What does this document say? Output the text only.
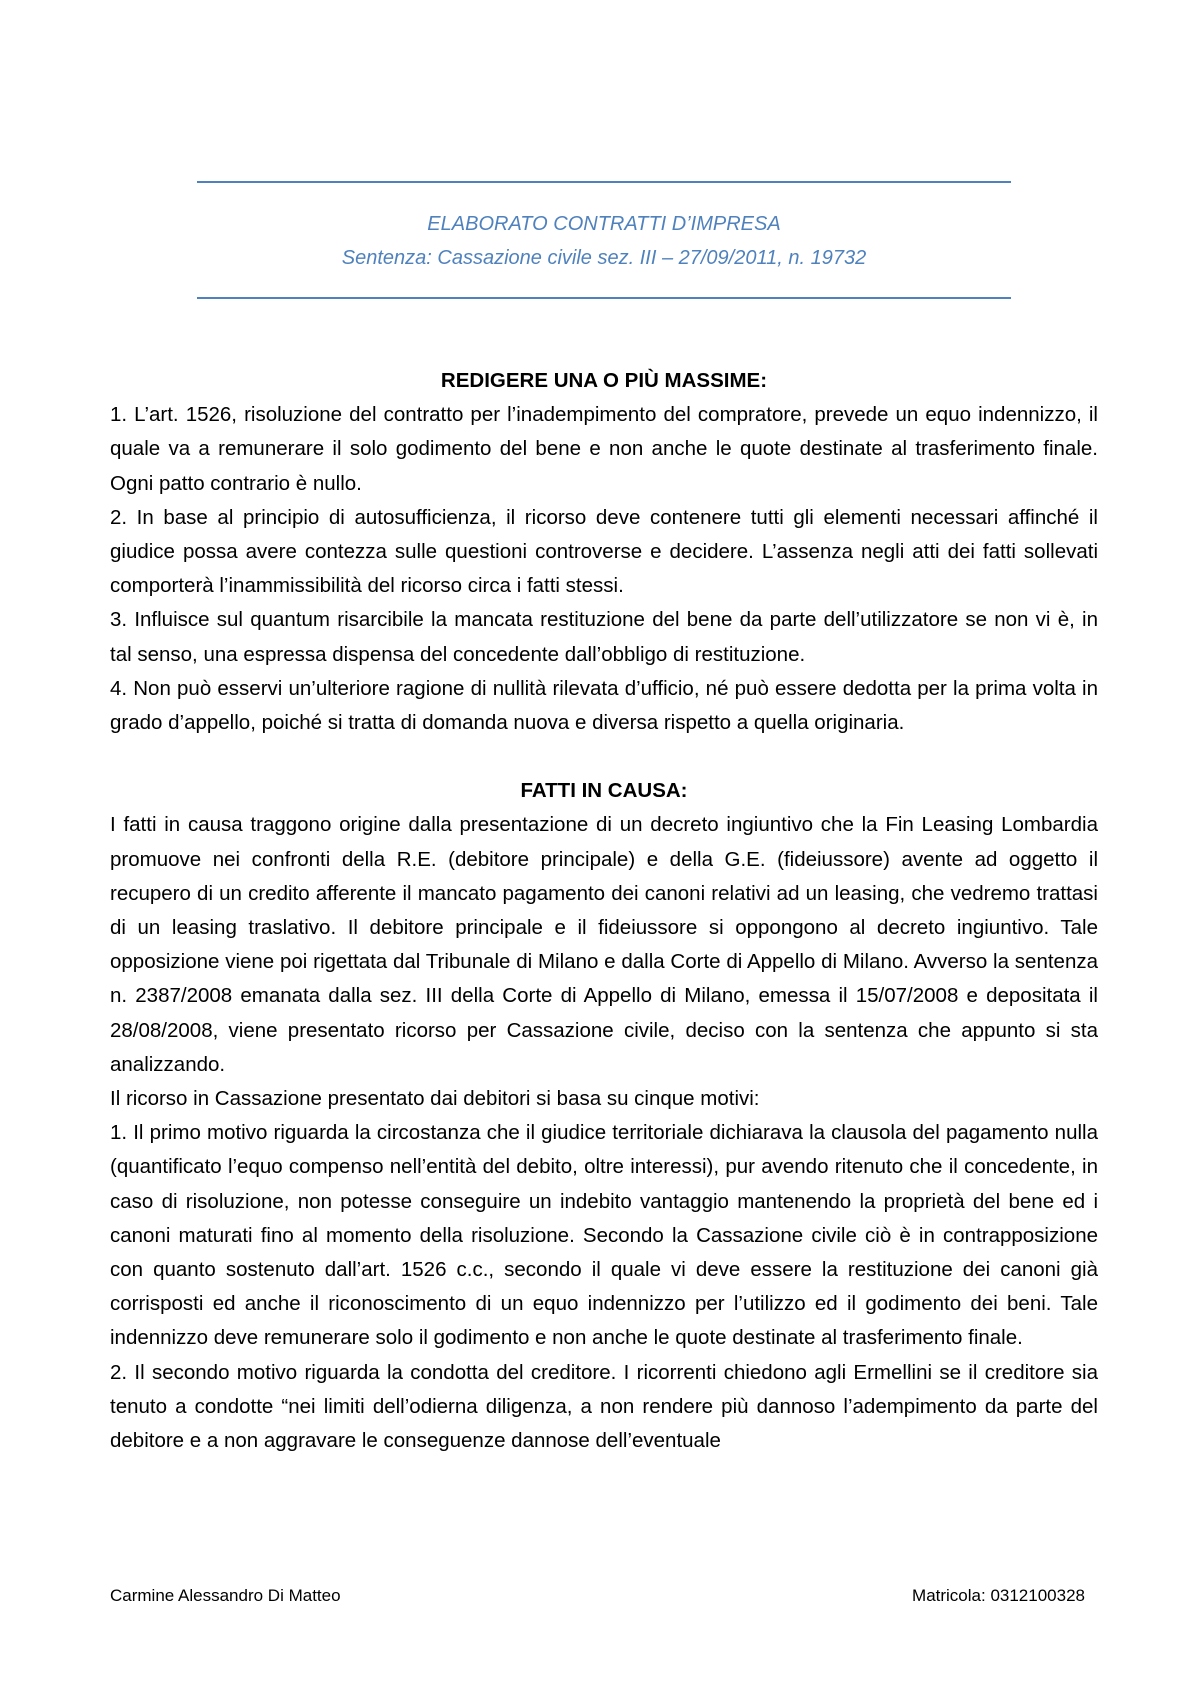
ELABORATO CONTRATTI D’IMPRESA
Sentenza: Cassazione civile sez. III – 27/09/2011, n. 19732
REDIGERE UNA O PIÙ MASSIME:

1. L’art. 1526, risoluzione del contratto per l’inadempimento del compratore, prevede un equo indennizzo, il quale va a remunerare il solo godimento del bene e non anche le quote destinate al trasferimento finale. Ogni patto contrario è nullo.

2. In base al principio di autosufficienza, il ricorso deve contenere tutti gli elementi necessari affinché il giudice possa avere contezza sulle questioni controverse e decidere. L’assenza negli atti dei fatti sollevati comporterà l’inammissibilità del ricorso circa i fatti stessi.

3. Influisce sul quantum risarcibile la mancata restituzione del bene da parte dell’utilizzatore se non vi è, in tal senso, una espressa dispensa del concedente dall’obbligo di restituzione.

4. Non può esservi un’ulteriore ragione di nullità rilevata d’ufficio, né può essere dedotta per la prima volta in grado d’appello, poiché si tratta di domanda nuova e diversa rispetto a quella originaria.

FATTI IN CAUSA:

I fatti in causa traggono origine dalla presentazione di un decreto ingiuntivo che la Fin Leasing Lombardia promuove nei confronti della R.E. (debitore principale) e della G.E. (fideiussore) avente ad oggetto il recupero di un credito afferente il mancato pagamento dei canoni relativi ad un leasing, che vedremo trattasi di un leasing traslativo. Il debitore principale e il fideiussore si oppongono al decreto ingiuntivo. Tale opposizione viene poi rigettata dal Tribunale di Milano e dalla Corte di Appello di Milano. Avverso la sentenza n. 2387/2008 emanata dalla sez. III della Corte di Appello di Milano, emessa il 15/07/2008 e depositata il 28/08/2008, viene presentato ricorso per Cassazione civile, deciso con la sentenza che appunto si sta analizzando.

Il ricorso in Cassazione presentato dai debitori si basa su cinque motivi:

1. Il primo motivo riguarda la circostanza che il giudice territoriale dichiarava la clausola del pagamento nulla (quantificato l’equo compenso nell’entità del debito, oltre interessi), pur avendo ritenuto che il concedente, in caso di risoluzione, non potesse conseguire un indebito vantaggio mantenendo la proprietà del bene ed i canoni maturati fino al momento della risoluzione. Secondo la Cassazione civile ciò è in contrapposizione con quanto sostenuto dall’art. 1526 c.c., secondo il quale vi deve essere la restituzione dei canoni già corrisposti ed anche il riconoscimento di un equo indennizzo per l’utilizzo ed il godimento dei beni. Tale indennizzo deve remunerare solo il godimento e non anche le quote destinate al trasferimento finale.

2. Il secondo motivo riguarda la condotta del creditore. I ricorrenti chiedono agli Ermellini se il creditore sia tenuto a condotte “nei limiti dell’odierna diligenza, a non rendere più dannoso l’adempimento da parte del debitore e a non aggravare le conseguenze dannose dell’eventuale

Carmine Alessandro Di Matteo	Matricola: 0312100328
